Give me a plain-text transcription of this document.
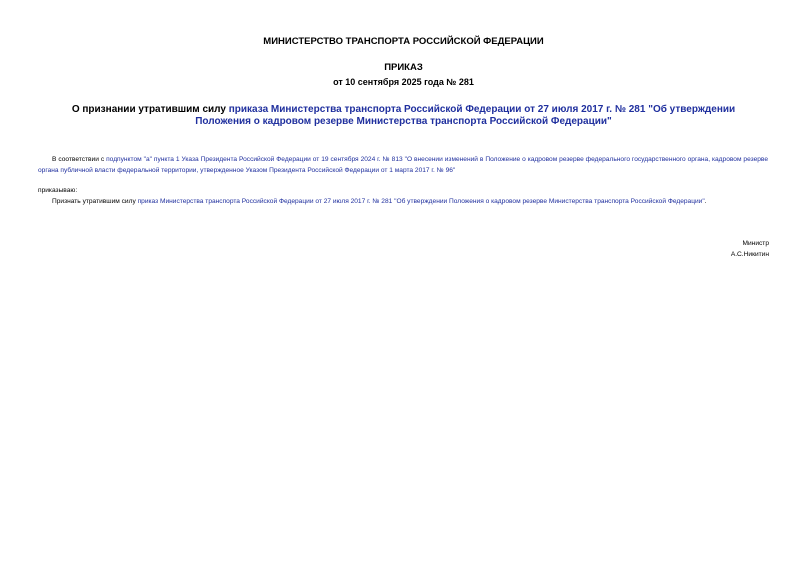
МИНИСТЕРСТВО ТРАНСПОРТА РОССИЙСКОЙ ФЕДЕРАЦИИ
ПРИКАЗ
от 10 сентября 2025 года № 281
О признании утратившим силу приказа Министерства транспорта Российской Федерации от 27 июля 2017 г. № 281 "Об утверждении Положения о кадровом резерве Министерства транспорта Российской Федерации"
В соответствии с подпунктом "а" пункта 1 Указа Президента Российской Федерации от 19 сентября 2024 г. № 813 "О внесении изменений в Положение о кадровом резерве федерального государственного органа, кадровом резерве органа публичной власти федеральной территории, утвержденное Указом Президента Российской Федерации от 1 марта 2017 г. № 96"
приказываю:
Признать утратившим силу приказ Министерства транспорта Российской Федерации от 27 июля 2017 г. № 281 "Об утверждении Положения о кадровом резерве Министерства транспорта Российской Федерации".
Министр
А.С.Никитин
